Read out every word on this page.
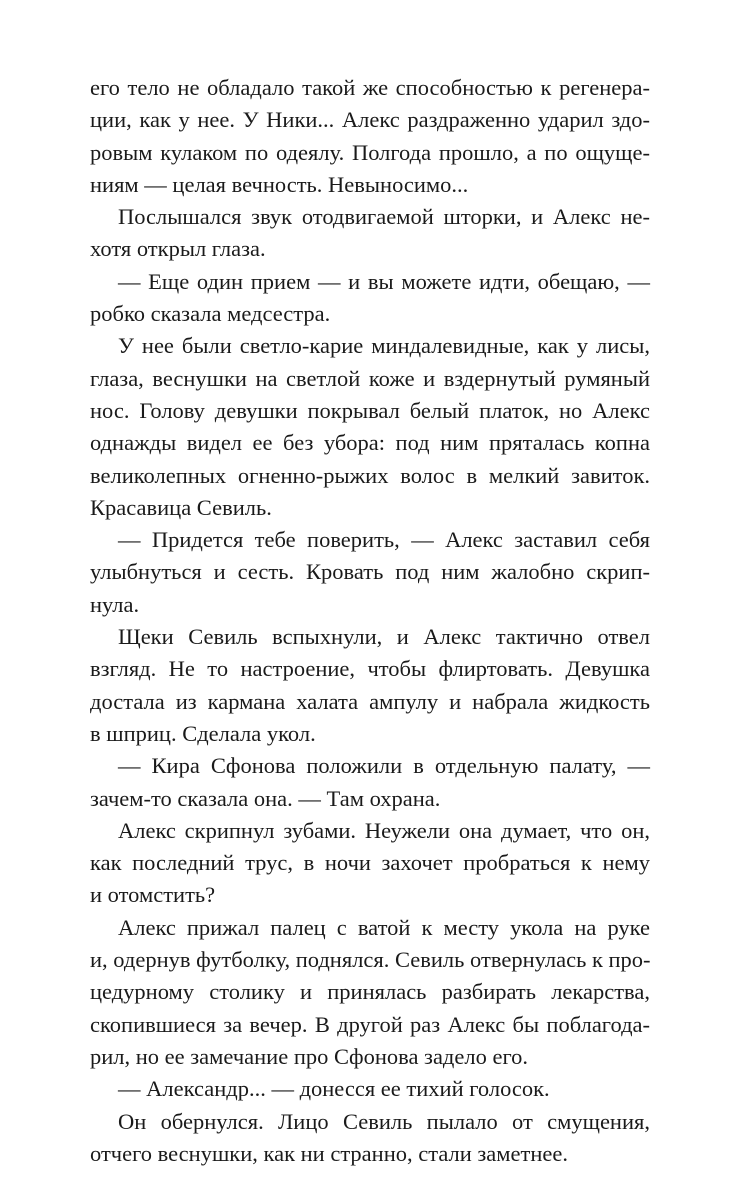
его тело не обладало такой же способностью к регенера-
ции, как у нее. У Ники... Алекс раздраженно ударил здо-
ровым кулаком по одеялу. Полгода прошло, а по ощуще-
ниям — целая вечность. Невыносимо...
Послышался звук отодвигаемой шторки, и Алекс не-
хотя открыл глаза.
— Еще один прием — и вы можете идти, обещаю, —
робко сказала медсестра.
У нее были светло-карие миндалевидные, как у лисы,
глаза, веснушки на светлой коже и вздернутый румяный
нос. Голову девушки покрывал белый платок, но Алекс
однажды видел ее без убора: под ним пряталась копна
великолепных огненно-рыжих волос в мелкий завиток.
Красавица Севиль.
— Придется тебе поверить, — Алекс заставил себя
улыбнуться и сесть. Кровать под ним жалобно скрип-
нула.
Щеки Севиль вспыхнули, и Алекс тактично отвел
взгляд. Не то настроение, чтобы флиртовать. Девушка
достала из кармана халата ампулу и набрала жидкость
в шприц. Сделала укол.
— Кира Сфонова положили в отдельную палату, —
зачем-то сказала она. — Там охрана.
Алекс скрипнул зубами. Неужели она думает, что он,
как последний трус, в ночи захочет пробраться к нему
и отомстить?
Алекс прижал палец с ватой к месту укола на руке
и, одернув футболку, поднялся. Севиль отвернулась к про-
цедурному столику и принялась разбирать лекарства,
скопившиеся за вечер. В другой раз Алекс бы поблагода-
рил, но ее замечание про Сфонова задело его.
— Александр... — донесся ее тихий голосок.
Он обернулся. Лицо Севиль пылало от смущения,
отчего веснушки, как ни странно, стали заметнее.
